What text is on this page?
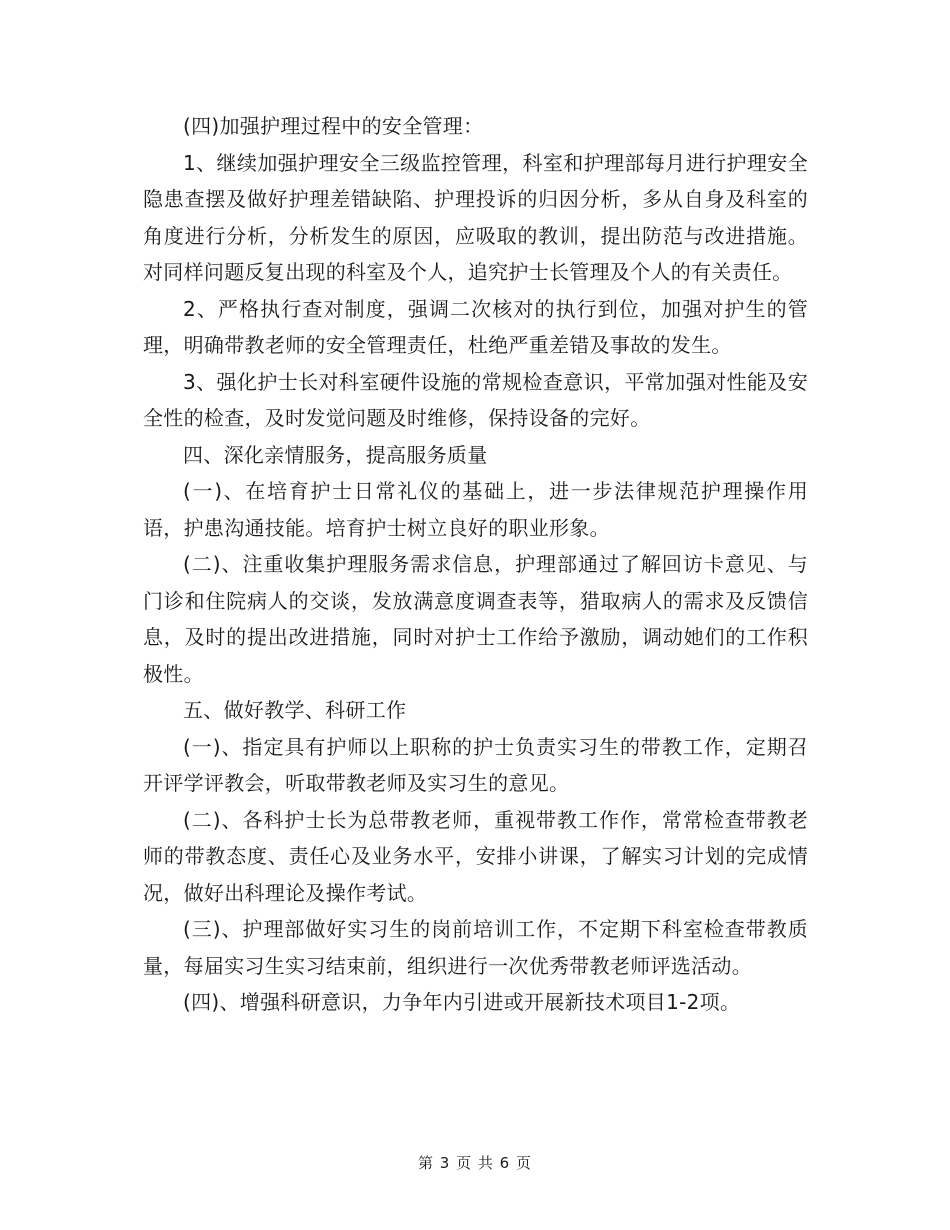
(四)加强护理过程中的安全管理：

1、继续加强护理安全三级监控管理，科室和护理部每月进行护理安全隐患查摆及做好护理差错缺陷、护理投诉的归因分析，多从自身及科室的角度进行分析，分析发生的原因，应吸取的教训，提出防范与改进措施。对同样问题反复出现的科室及个人，追究护士长管理及个人的有关责任。

2、严格执行查对制度，强调二次核对的执行到位，加强对护生的管理，明确带教老师的安全管理责任，杜绝严重差错及事故的发生。

3、强化护士长对科室硬件设施的常规检查意识，平常加强对性能及安全性的检查，及时发觉问题及时维修，保持设备的完好。

四、深化亲情服务，提高服务质量

(一)、在培育护士日常礼仪的基础上，进一步法律规范护理操作用语，护患沟通技能。培育护士树立良好的职业形象。

(二)、注重收集护理服务需求信息，护理部通过了解回访卡意见、与门诊和住院病人的交谈，发放满意度调查表等，猎取病人的需求及反馈信息，及时的提出改进措施，同时对护士工作给予激励，调动她们的工作积极性。

五、做好教学、科研工作

(一)、指定具有护师以上职称的护士负责实习生的带教工作，定期召开评学评教会，听取带教老师及实习生的意见。

(二)、各科护士长为总带教老师，重视带教工作作，常常检查带教老师的带教态度、责任心及业务水平，安排小讲课，了解实习计划的完成情况，做好出科理论及操作考试。

(三)、护理部做好实习生的岗前培训工作，不定期下科室检查带教质量，每届实习生实习结束前，组织进行一次优秀带教老师评选活动。

(四)、增强科研意识，力争年内引进或开展新技术项目1-2项。

第 3 页 共 6 页
